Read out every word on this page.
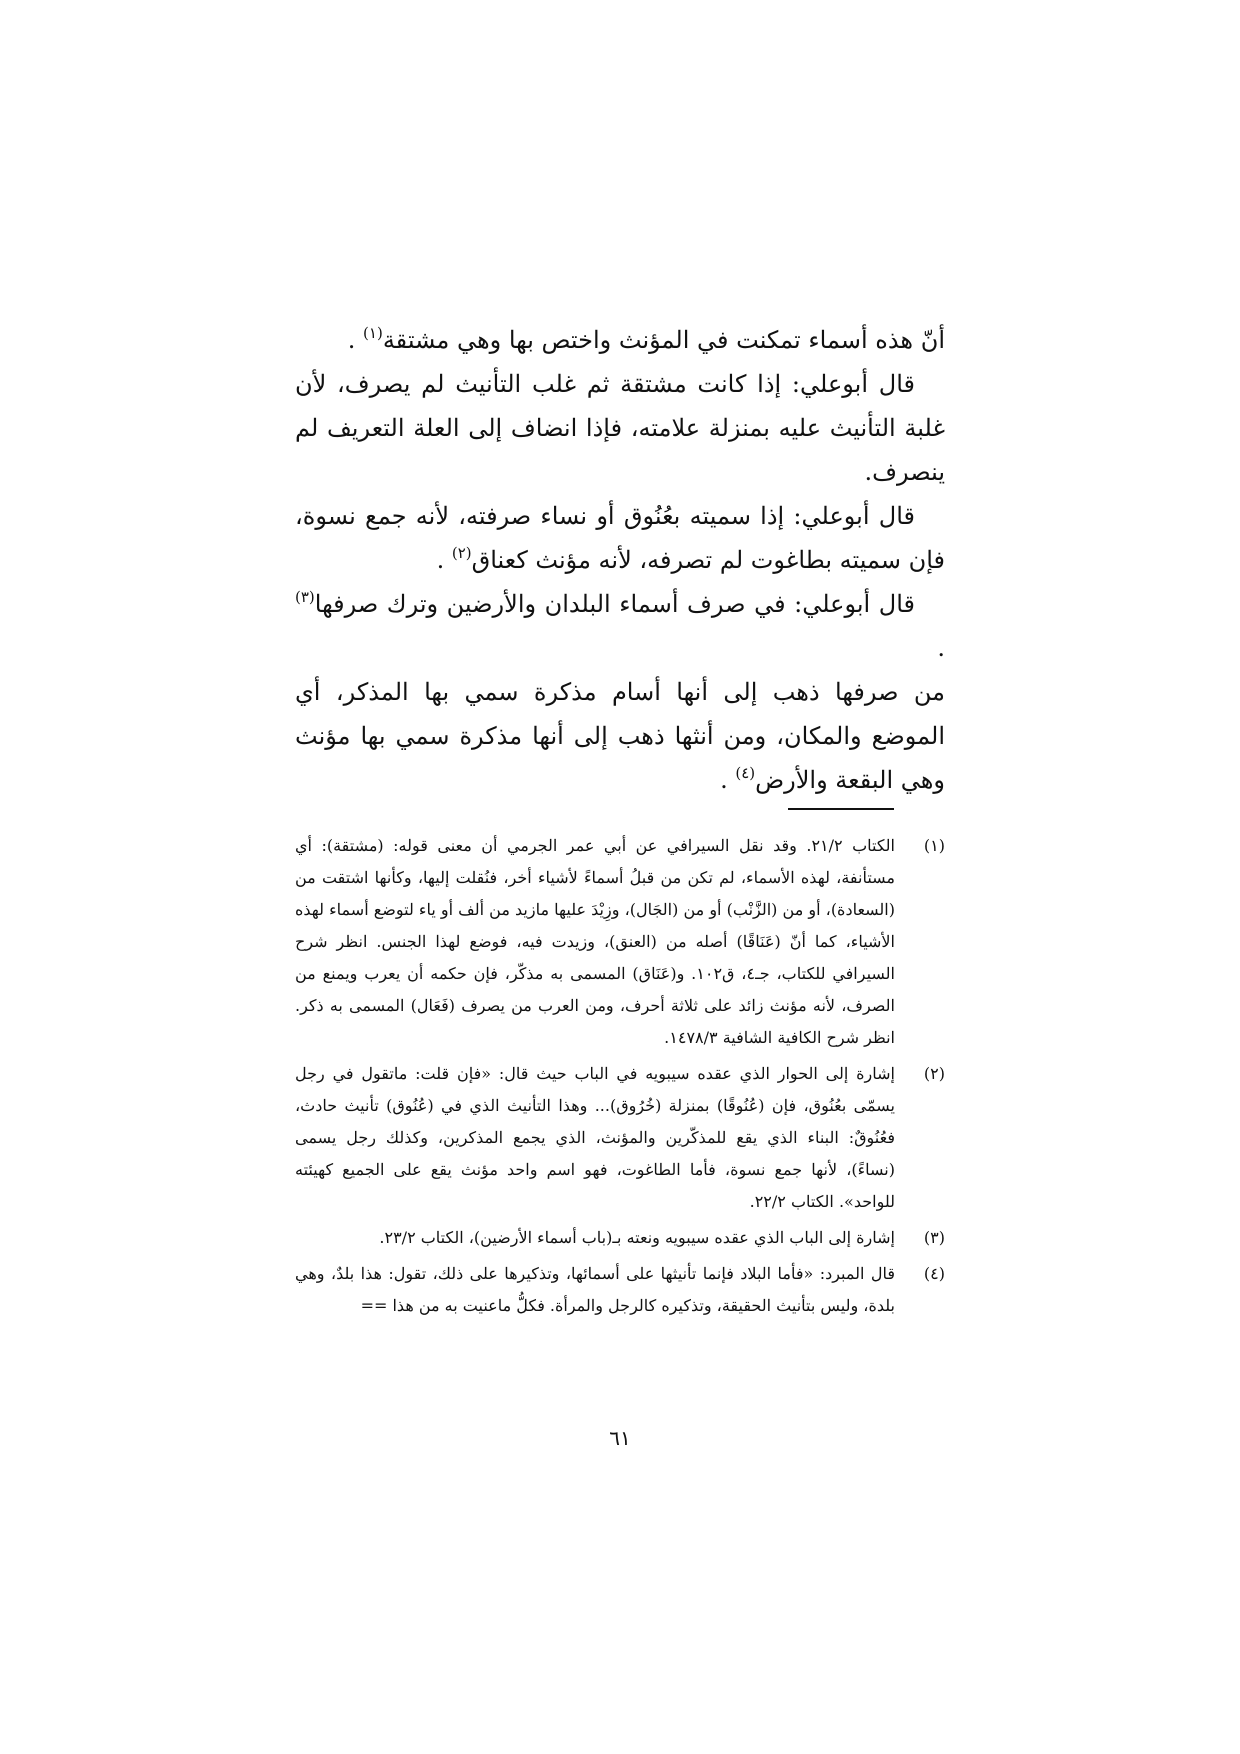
أنّ هذه أسماء تمكنت في المؤنث واختص بها وهي مشتقة$^{(١)}$ .

قال أبوعلي: إذا كانت مشتقة ثم غلب التأنيث لم يصرف، لأن غلبة التأنيث عليه بمنزلة علامته، فإذا انضاف إلى العلة التعريف لم ينصرف.

قال أبوعلي: إذا سميته بعُنُوق أو نساء صرفته، لأنه جمع نسوة، فإن سميته بطاغوت لم تصرفه، لأنه مؤنث كعناق$^{(٢)}$ .

قال أبوعلي: في صرف أسماء البلدان والأرضين وترك صرفها$^{(٣)}$ .

من صرفها ذهب إلى أنها أسام مذكرة سمي بها المذكر، أي الموضع والمكان، ومن أنثها ذهب إلى أنها مذكرة سمي بها مؤنث وهي البقعة والأرض$^{(٤)}$ .

(١)
الكتاب ٢١/٢. وقد نقل السيرافي عن أبي عمر الجرمي أن معنى قوله: (مشتقة): أي مستأنفة، لهذه الأسماء، لم تكن من قبلُ أسماءً لأشياء أخر، فنُقلت إليها، وكأنها اشتقت من (السعادة)، أو من (الزَّنْب) أو من (الجَال)، وزِيْدَ عليها مازيد من ألف أو ياء لتوضع أسماء لهذه الأشياء، كما أنّ (عَنَاقًا) أصله من (العنق)، وزيدت فيه، فوضع لهذا الجنس. انظر شرح السيرافي للكتاب، جـ٤، ق١٠٢. و(عَنَاق) المسمى به مذكّر، فإن حكمه أن يعرب ويمنع من الصرف، لأنه مؤنث زائد على ثلاثة أحرف، ومن العرب من يصرف (فَعَال) المسمى به ذكر. انظر شرح الكافية الشافية ١٤٧٨/٣.
(٢)
إشارة إلى الحوار الذي عقده سيبويه في الباب حيث قال: «فإن قلت: ماتقول في رجل يسمّى بعُنُوق، فإن (عُنُوقًا) بمنزلة (خُرُوق)... وهذا التأنيث الذي في (عُنُوق) تأنيث حادث، فعُنُوقٌ: البناء الذي يقع للمذكّرين والمؤنث، الذي يجمع المذكرين، وكذلك رجل يسمى (نساءً)، لأنها جمع نسوة، فأما الطاغوت، فهو اسم واحد مؤنث يقع على الجميع كهيئته للواحد». الكتاب ٢٢/٢.
(٣)
إشارة إلى الباب الذي عقده سيبويه ونعته بـ(باب أسماء الأرضين)، الكتاب ٢٣/٢.
(٤)
قال المبرد: «فأما البلاد فإنما تأنيثها على أسمائها، وتذكيرها على ذلك، تقول: هذا بلدٌ، وهي بلدة، وليس بتأنيث الحقيقة، وتذكيره كالرجل والمرأة. فكلُّ ماعنيت به من هذا ==
٦١
